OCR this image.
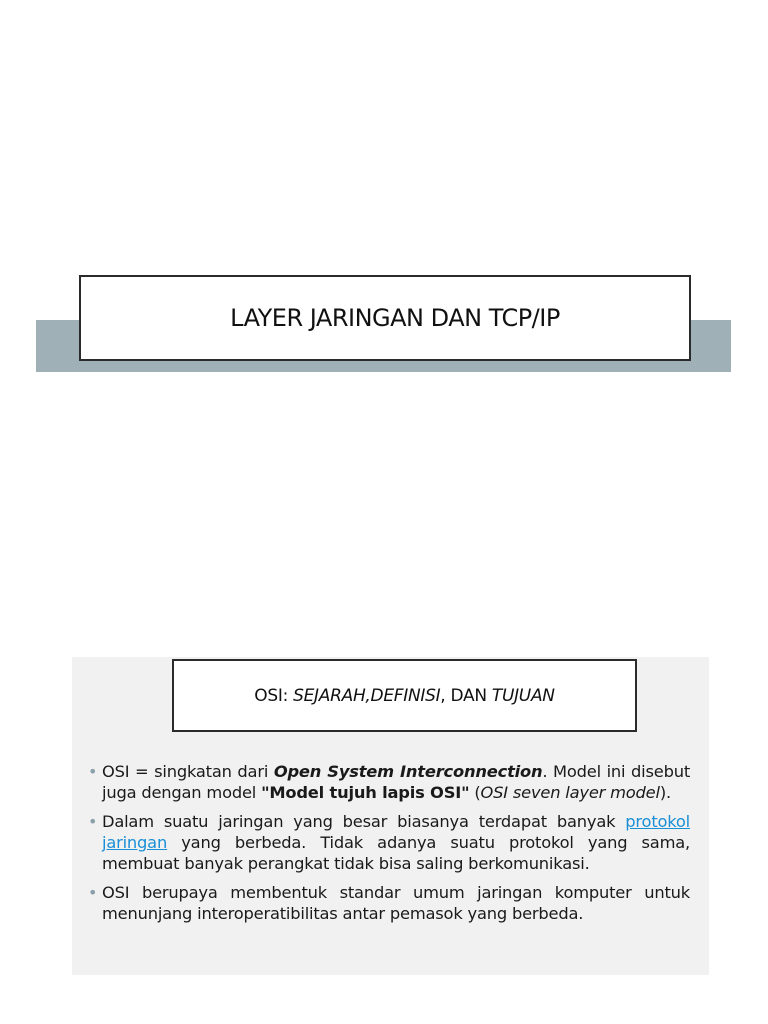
LAYER JARINGAN DAN TCP/IP
OSI: SEJARAH,DEFINISI, DAN TUJUAN
• OSI = singkatan dari Open System Interconnection. Model ini disebut juga dengan model "Model tujuh lapis OSI" (OSI seven layer model).
• Dalam suatu jaringan yang besar biasanya terdapat banyak protokol jaringan yang berbeda. Tidak adanya suatu protokol yang sama, membuat banyak perangkat tidak bisa saling berkomunikasi.
• OSI berupaya membentuk standar umum jaringan komputer untuk menunjang interoperatibilitas antar pemasok yang berbeda.
